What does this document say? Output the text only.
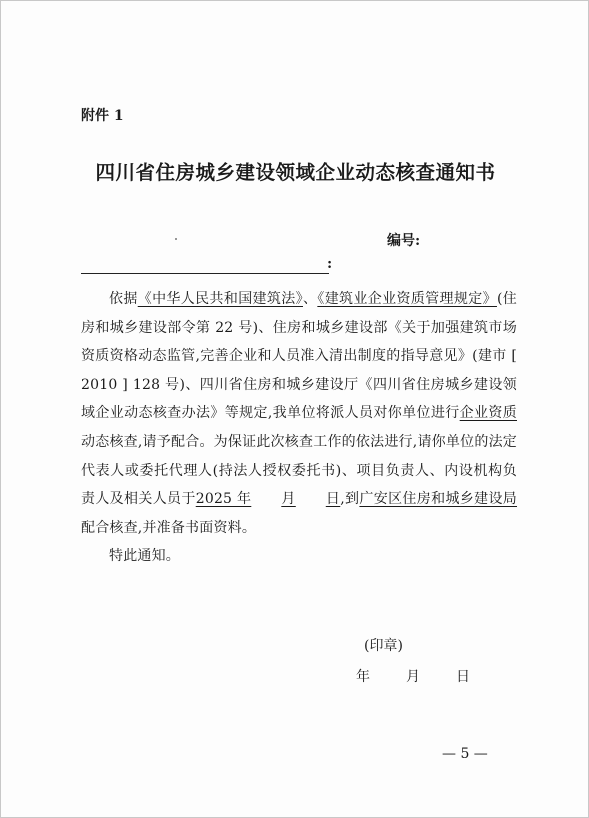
附件 1
四川省住房城乡建设领域企业动态核查通知书
编号:
:

依据《中华人民共和国建筑法》、《建筑业企业资质管理规定》(住房和城乡建设部令第 22 号)、住房和城乡建设部《关于加强建筑市场资质资格动态监管,完善企业和人员准入清出制度的指导意见》(建市 [ 2010 ] 128 号)、四川省住房和城乡建设厅《四川省住房城乡建设领域企业动态核查办法》等规定,我单位将派人员对你单位进行企业资质动态核查,请予配合。为保证此次核查工作的依法进行,请你单位的法定代表人或委托代理人(持法人授权委托书)、项目负责人、内设机构负责人及相关人员于2025 年 月 日,到广安区住房和城乡建设局配合核查,并准备书面资料。

特此通知。

(印章)
年	月	日
— 5 —
